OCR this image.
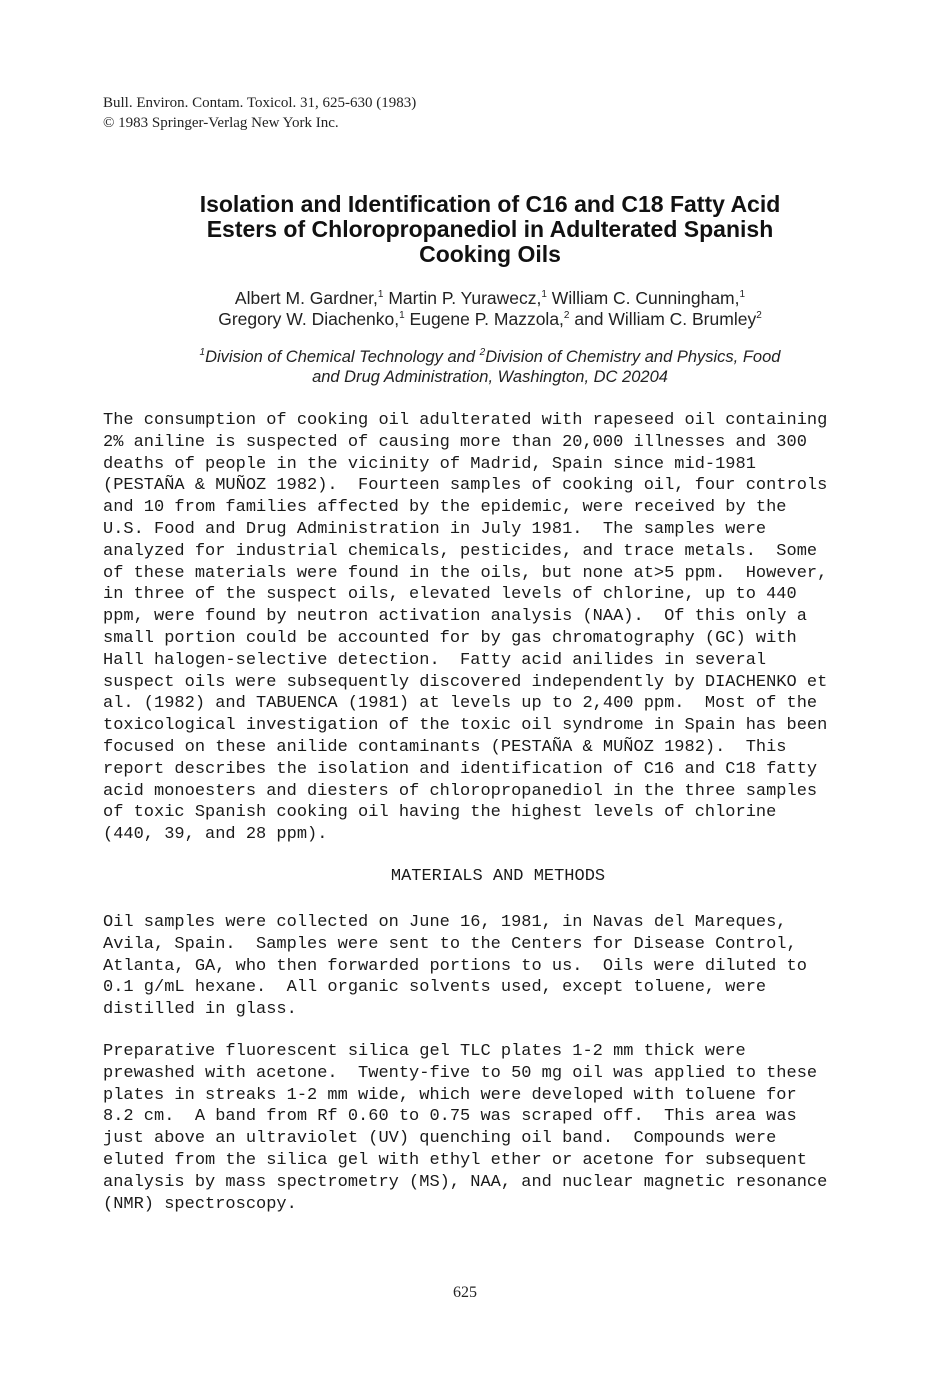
Bull. Environ. Contam. Toxicol. 31, 625-630 (1983)
© 1983 Springer-Verlag New York Inc.
Isolation and Identification of C16 and C18 Fatty Acid
Esters of Chloropropanediol in Adulterated Spanish
Cooking Oils
Albert M. Gardner,$^1$ Martin P. Yurawecz,$^1$ William C. Cunningham,$^1$
Gregory W. Diachenko,$^1$ Eugene P. Mazzola,$^2$ and William C. Brumley$^2$
$^1$Division of Chemical Technology and $^2$Division of Chemistry and Physics, Food
and Drug Administration, Washington, DC 20204
The consumption of cooking oil adulterated with rapeseed oil containing
2% aniline is suspected of causing more than 20,000 illnesses and 300
deaths of people in the vicinity of Madrid, Spain since mid-1981
(PESTAÑA & MUÑOZ 1982).  Fourteen samples of cooking oil, four controls
and 10 from families affected by the epidemic, were received by the
U.S. Food and Drug Administration in July 1981.  The samples were
analyzed for industrial chemicals, pesticides, and trace metals.  Some
of these materials were found in the oils, but none at>5 ppm.  However,
in three of the suspect oils, elevated levels of chlorine, up to 440
ppm, were found by neutron activation analysis (NAA).  Of this only a
small portion could be accounted for by gas chromatography (GC) with
Hall halogen-selective detection.  Fatty acid anilides in several
suspect oils were subsequently discovered independently by DIACHENKO et
al. (1982) and TABUENCA (1981) at levels up to 2,400 ppm.  Most of the
toxicological investigation of the toxic oil syndrome in Spain has been
focused on these anilide contaminants (PESTAÑA & MUÑOZ 1982).  This
report describes the isolation and identification of C16 and C18 fatty
acid monoesters and diesters of chloropropanediol in the three samples
of toxic Spanish cooking oil having the highest levels of chlorine
(440, 39, and 28 ppm).
MATERIALS AND METHODS
Oil samples were collected on June 16, 1981, in Navas del Mareques,
Avila, Spain.  Samples were sent to the Centers for Disease Control,
Atlanta, GA, who then forwarded portions to us.  Oils were diluted to
0.1 g/mL hexane.  All organic solvents used, except toluene, were
distilled in glass.
Preparative fluorescent silica gel TLC plates 1-2 mm thick were
prewashed with acetone.  Twenty-five to 50 mg oil was applied to these
plates in streaks 1-2 mm wide, which were developed with toluene for
8.2 cm.  A band from Rf 0.60 to 0.75 was scraped off.  This area was
just above an ultraviolet (UV) quenching oil band.  Compounds were
eluted from the silica gel with ethyl ether or acetone for subsequent
analysis by mass spectrometry (MS), NAA, and nuclear magnetic resonance
(NMR) spectroscopy.
625
